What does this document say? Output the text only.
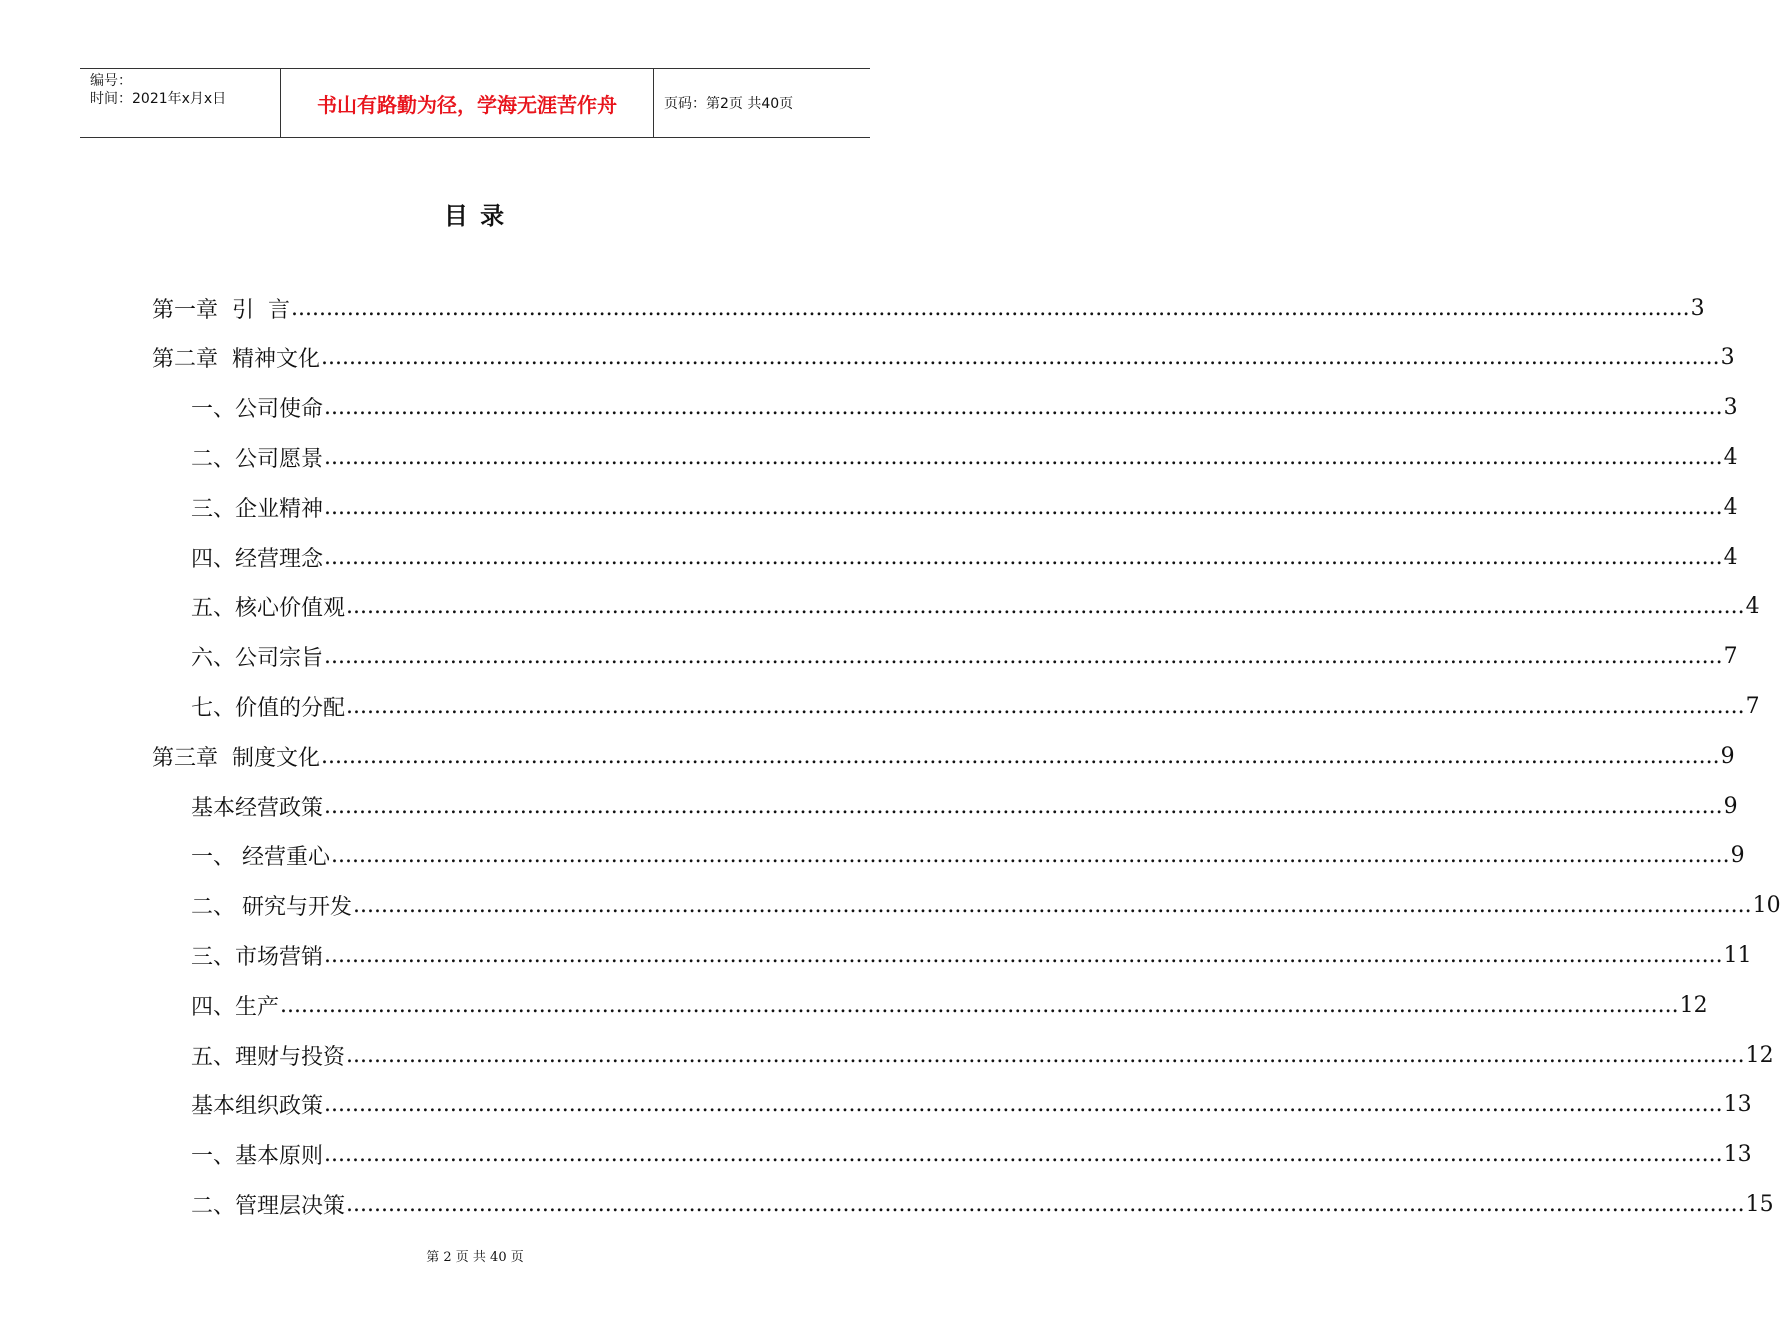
编号：
时间：2021年x月x日	书山有路勤为径，学海无涯苦作舟	页码：第2页 共40页
目 录
第一章  引  言 ........................................................................................................................................................................................................ 3
第二章  精神文化 ........................................................................................................................................................................................................ 3
一、公司使命 ........................................................................................................................................................................................................ 3
二、公司愿景 ........................................................................................................................................................................................................ 4
三、企业精神 ........................................................................................................................................................................................................ 4
四、经营理念 ........................................................................................................................................................................................................ 4
五、核心价值观 ........................................................................................................................................................................................................ 4
六、公司宗旨 ........................................................................................................................................................................................................ 7
七、价值的分配 ........................................................................................................................................................................................................ 7
第三章  制度文化 ........................................................................................................................................................................................................ 9
基本经营政策 ........................................................................................................................................................................................................ 9
一、 经营重心 ........................................................................................................................................................................................................ 9
二、 研究与开发 ........................................................................................................................................................................................................ 10
三、市场营销 ........................................................................................................................................................................................................ 11
四、生产 ........................................................................................................................................................................................................ 12
五、理财与投资 ........................................................................................................................................................................................................ 12
基本组织政策 ........................................................................................................................................................................................................ 13
一、基本原则 ........................................................................................................................................................................................................ 13
二、管理层决策 ........................................................................................................................................................................................................ 15
第 2 页 共 40 页
